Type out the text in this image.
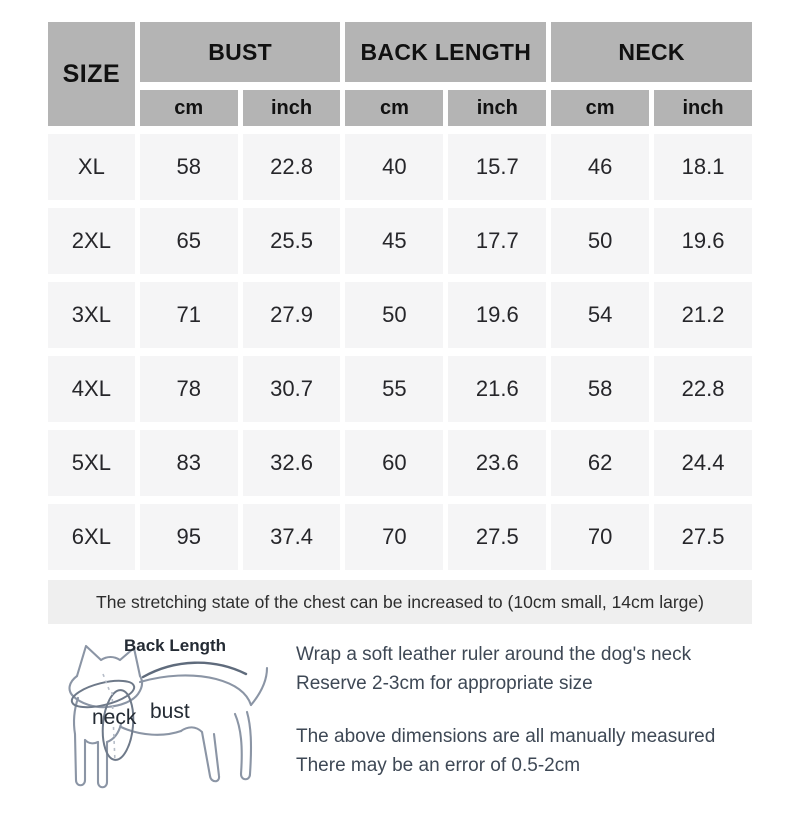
SIZE	BUST		BACK LENGTH		NECK	
	cm	inch	cm	inch	cm	inch
XL	58	22.8	40	15.7	46	18.1
2XL	65	25.5	45	17.7	50	19.6
3XL	71	27.9	50	19.6	54	21.2
4XL	78	30.7	55	21.6	58	22.8
5XL	83	32.6	60	23.6	62	24.4
6XL	95	37.4	70	27.5	70	27.5
The stretching state of the chest can be increased to (10cm small, 14cm large)
Back Length
neck bust
Wrap a soft leather ruler around the dog's neck
Reserve 2-3cm for appropriate size
The above dimensions are all manually measured
There may be an error of 0.5-2cm
